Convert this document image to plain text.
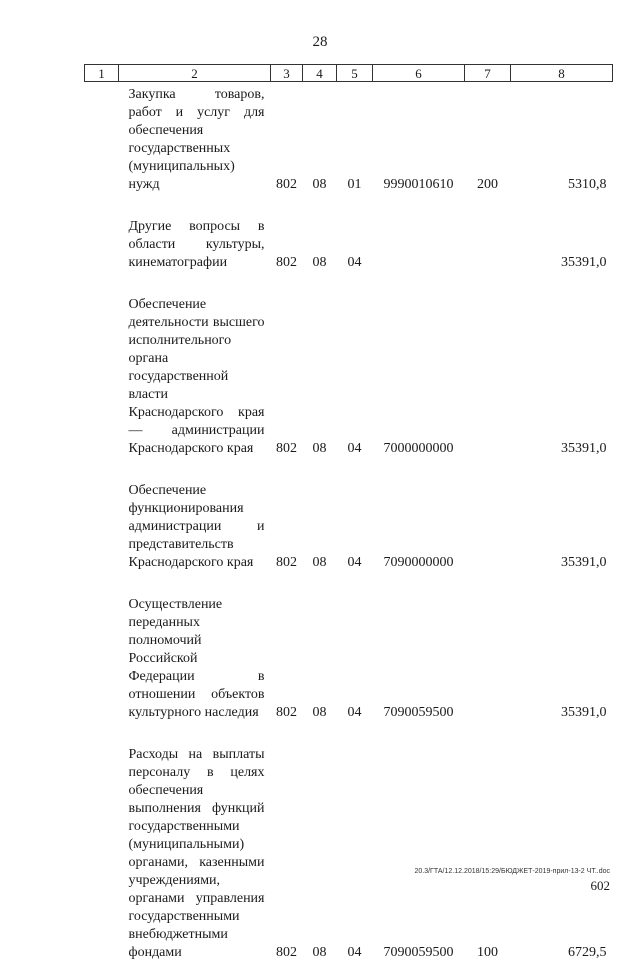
28
1	2	3	4	5	6	7	8
Закупка товаров, работ и услуг для обеспечения государственных (муниципальных) нужд		802	08	01	9990010610	200	5310,8

Другие вопросы в области культуры, кинематографии		802	08	04			35391,0

Обеспечение деятельности высшего исполнительного органа государственной власти Краснодарского края — администрации Краснодарского края		802	08	04	7000000000		35391,0

Обеспечение функционирования администрации и представительств Краснодарского края		802	08	04	7090000000		35391,0

Осуществление переданных полномочий Российской Федерации в отношении объектов культурного наследия		802	08	04	7090059500		35391,0

Расходы на выплаты персоналу в целях обеспечения выполнения функций государственными (муниципальными) органами, казенными учреждениями, органами управления государственными внебюджетными фондами		802	08	04	7090059500	100	6729,5
20.3/ГТА/12.12.2018/15:29/БЮДЖЕТ-2019-прил-13-2 ЧТ..doc
602
